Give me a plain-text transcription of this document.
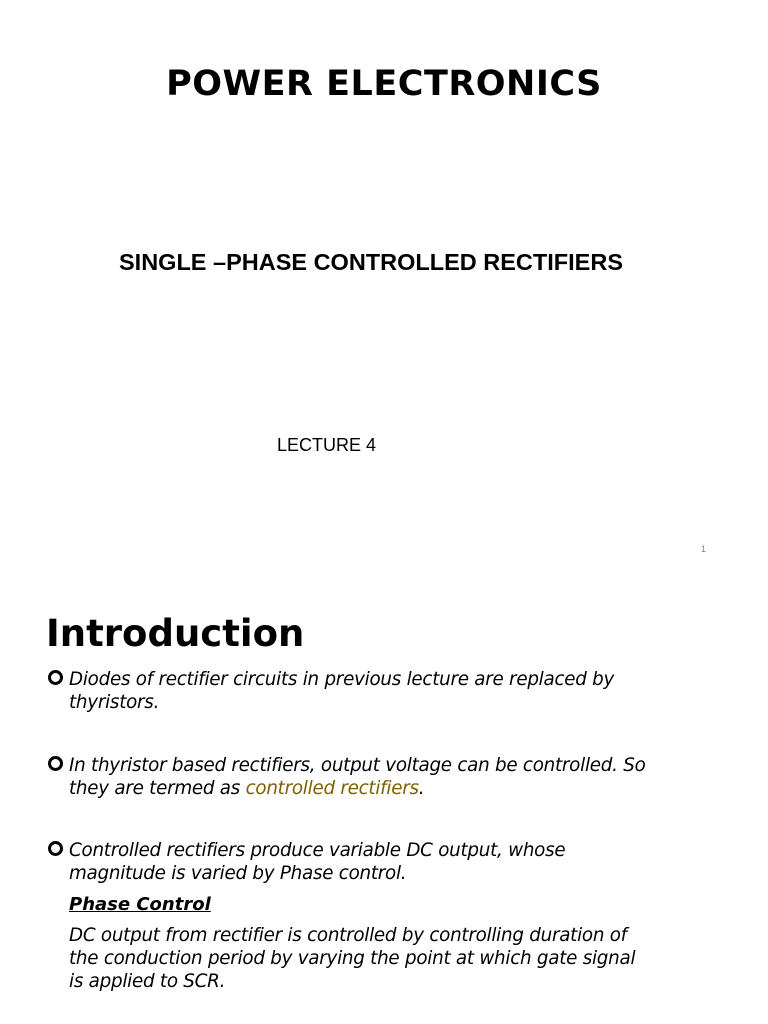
POWER ELECTRONICS
SINGLE –PHASE CONTROLLED RECTIFIERS
LECTURE 4
1
Introduction
Diodes of rectifier circuits in previous lecture are replaced by thyristors.
In thyristor based rectifiers, output voltage can be controlled. So they are termed as controlled rectifiers.
Controlled rectifiers produce variable DC output, whose magnitude is varied by Phase control.
Phase Control
DC output from rectifier is controlled by controlling duration of the conduction period by varying the point at which gate signal is applied to SCR.
